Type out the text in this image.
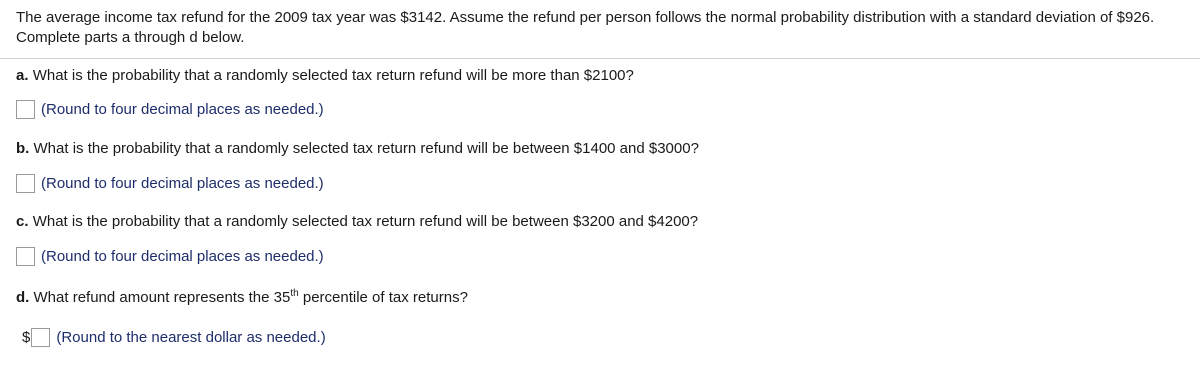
The average income tax refund for the 2009 tax year was $3142. Assume the refund per person follows the normal probability distribution with a standard deviation of $926. Complete parts a through d below.
a. What is the probability that a randomly selected tax return refund will be more than $2100?
(Round to four decimal places as needed.)
b. What is the probability that a randomly selected tax return refund will be between $1400 and $3000?
(Round to four decimal places as needed.)
c. What is the probability that a randomly selected tax return refund will be between $3200 and $4200?
(Round to four decimal places as needed.)
d. What refund amount represents the 35th percentile of tax returns?
$ (Round to the nearest dollar as needed.)
